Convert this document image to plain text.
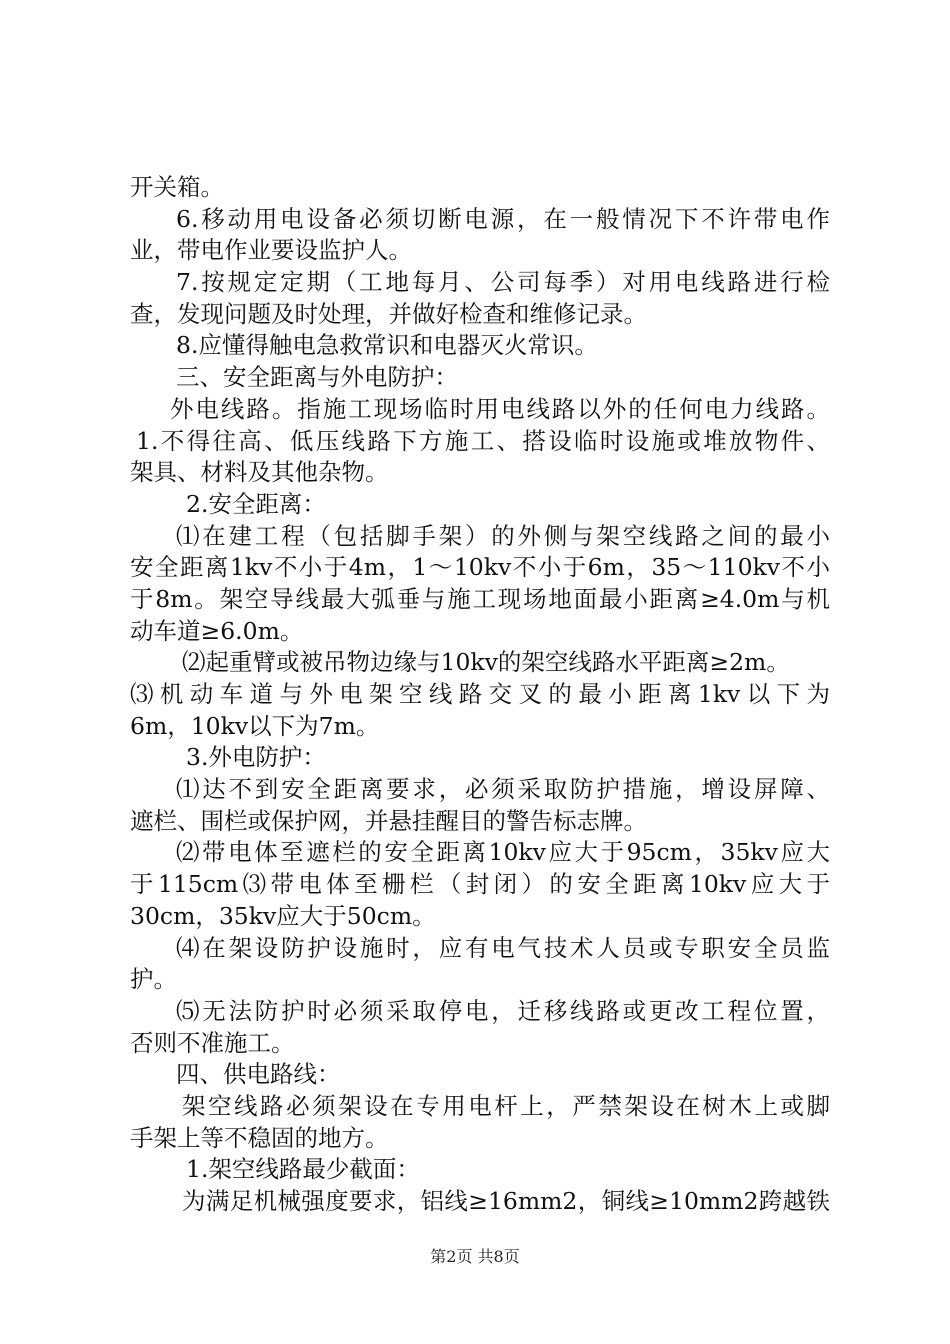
开关箱。
6.移动用电设备必须切断电源，在一般情况下不许带电作
业，带电作业要设监护人。
7.按规定定期（工地每月、公司每季）对用电线路进行检
查，发现问题及时处理，并做好检查和维修记录。
8.应懂得触电急救常识和电器灭火常识。
三、安全距离与外电防护：
外电线路。指施工现场临时用电线路以外的任何电力线路。
1.不得往高、低压线路下方施工、搭设临时设施或堆放物件、
架具、材料及其他杂物。
2.安全距离：
⑴在建工程（包括脚手架）的外侧与架空线路之间的最小
安全距离1kv不小于4m，1～10kv不小于6m，35～110kv不小
于8m。架空导线最大弧垂与施工现场地面最小距离≥4.0m与机
动车道≥6.0m。
⑵起重臂或被吊物边缘与10kv的架空线路水平距离≥2m。
⑶机动车道与外电架空线路交叉的最小距离1kv以下为
6m，10kv以下为7m。
3.外电防护：
⑴达不到安全距离要求，必须采取防护措施，增设屏障、
遮栏、围栏或保护网，并悬挂醒目的警告标志牌。
⑵带电体至遮栏的安全距离10kv应大于95cm，35kv应大
于115cm⑶带电体至栅栏（封闭）的安全距离10kv应大于
30cm，35kv应大于50cm。
⑷在架设防护设施时，应有电气技术人员或专职安全员监
护。
⑸无法防护时必须采取停电，迁移线路或更改工程位置，
否则不准施工。
四、供电路线：
架空线路必须架设在专用电杆上，严禁架设在树木上或脚
手架上等不稳固的地方。
1.架空线路最少截面：
为满足机械强度要求，铝线≥16mm2，铜线≥10mm2跨越铁
第2页 共8页
